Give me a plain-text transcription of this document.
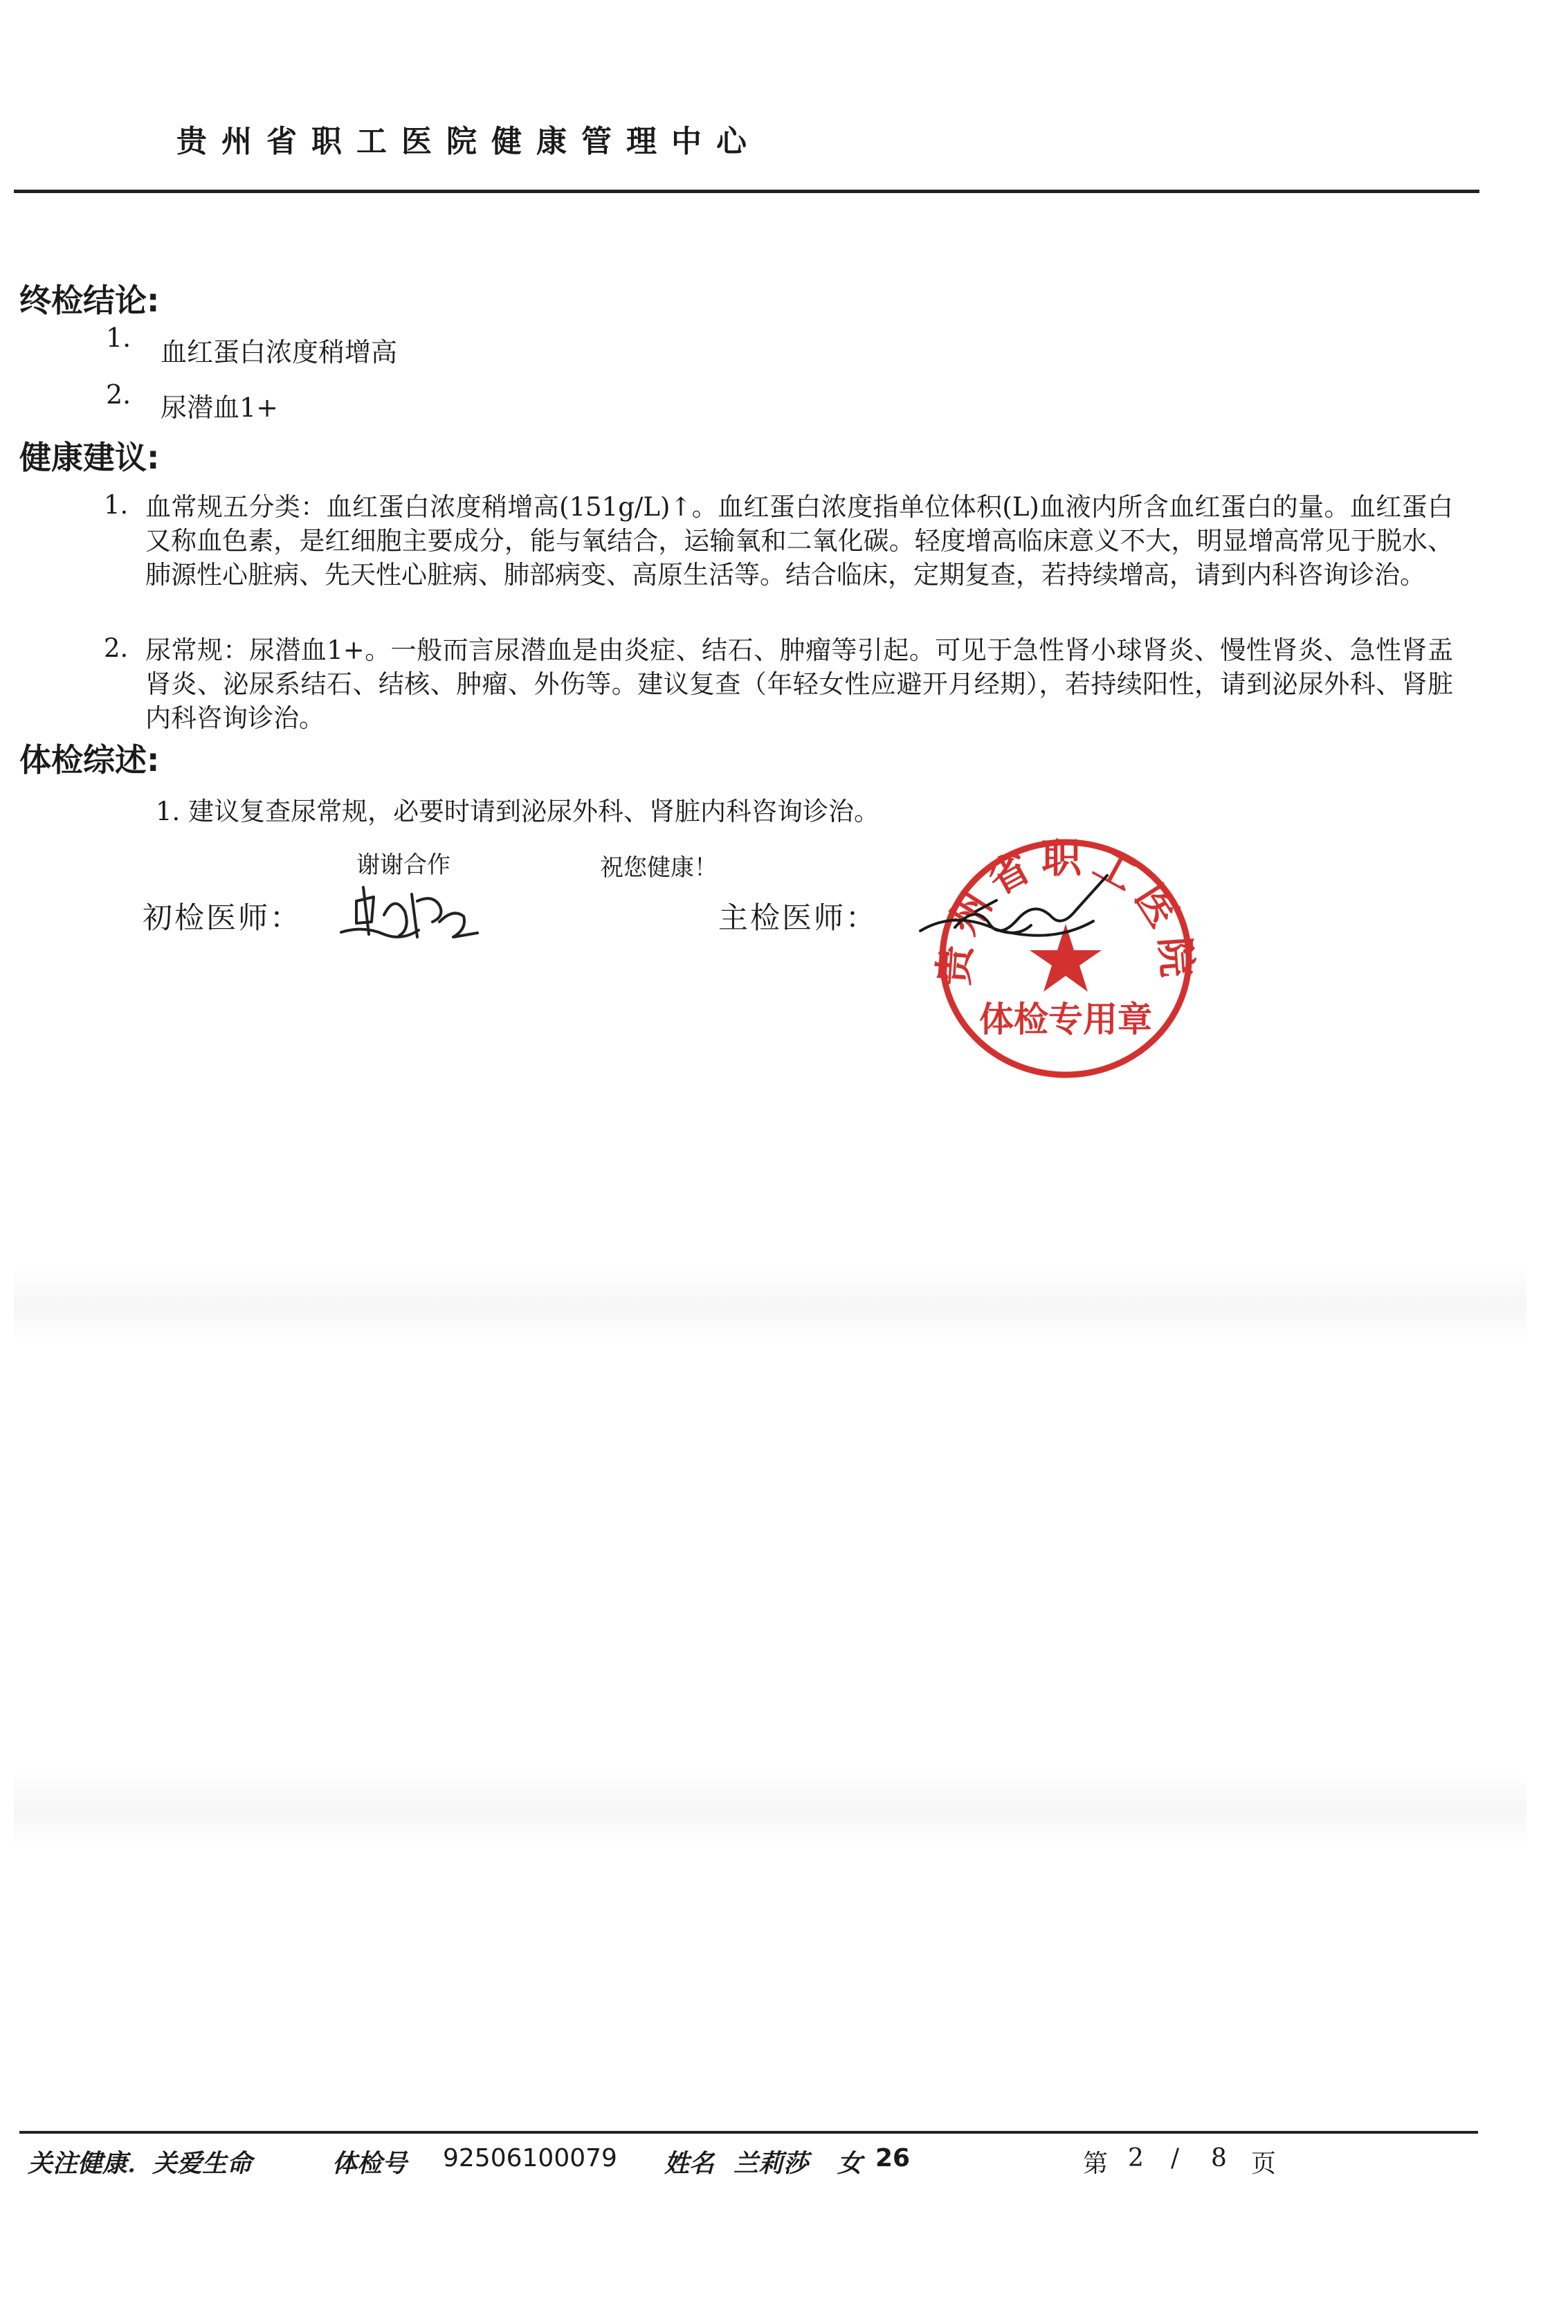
贵州省职工医院健康管理中心
终检结论:
1. 血红蛋白浓度稍增高
2. 尿潜血1+
健康建议:
1. 血常规五分类：血红蛋白浓度稍增高(151g/L)↑。血红蛋白浓度指单位体积(L)血液内所含血红蛋白的量。血红蛋白又称血色素，是红细胞主要成分，能与氧结合，运输氧和二氧化碳。轻度增高临床意义不大，明显增高常见于脱水、肺源性心脏病、先天性心脏病、肺部病变、高原生活等。结合临床，定期复查，若持续增高，请到内科咨询诊治。
2. 尿常规：尿潜血1+。一般而言尿潜血是由炎症、结石、肿瘤等引起。可见于急性肾小球肾炎、慢性肾炎、急性肾盂肾炎、泌尿系结石、结核、肿瘤、外伤等。建议复查（年轻女性应避开月经期），若持续阳性，请到泌尿外科、肾脏内科咨询诊治。
体检综述:
1. 建议复查尿常规，必要时请到泌尿外科、肾脏内科咨询诊治。
谢谢合作	祝您健康！
初检医师：	主检医师：
贵州省职工医院
体检专用章
关注健康．关爱生命	体检号 92506100079 姓名 兰莉莎 女 26	第 2 / 8 页
